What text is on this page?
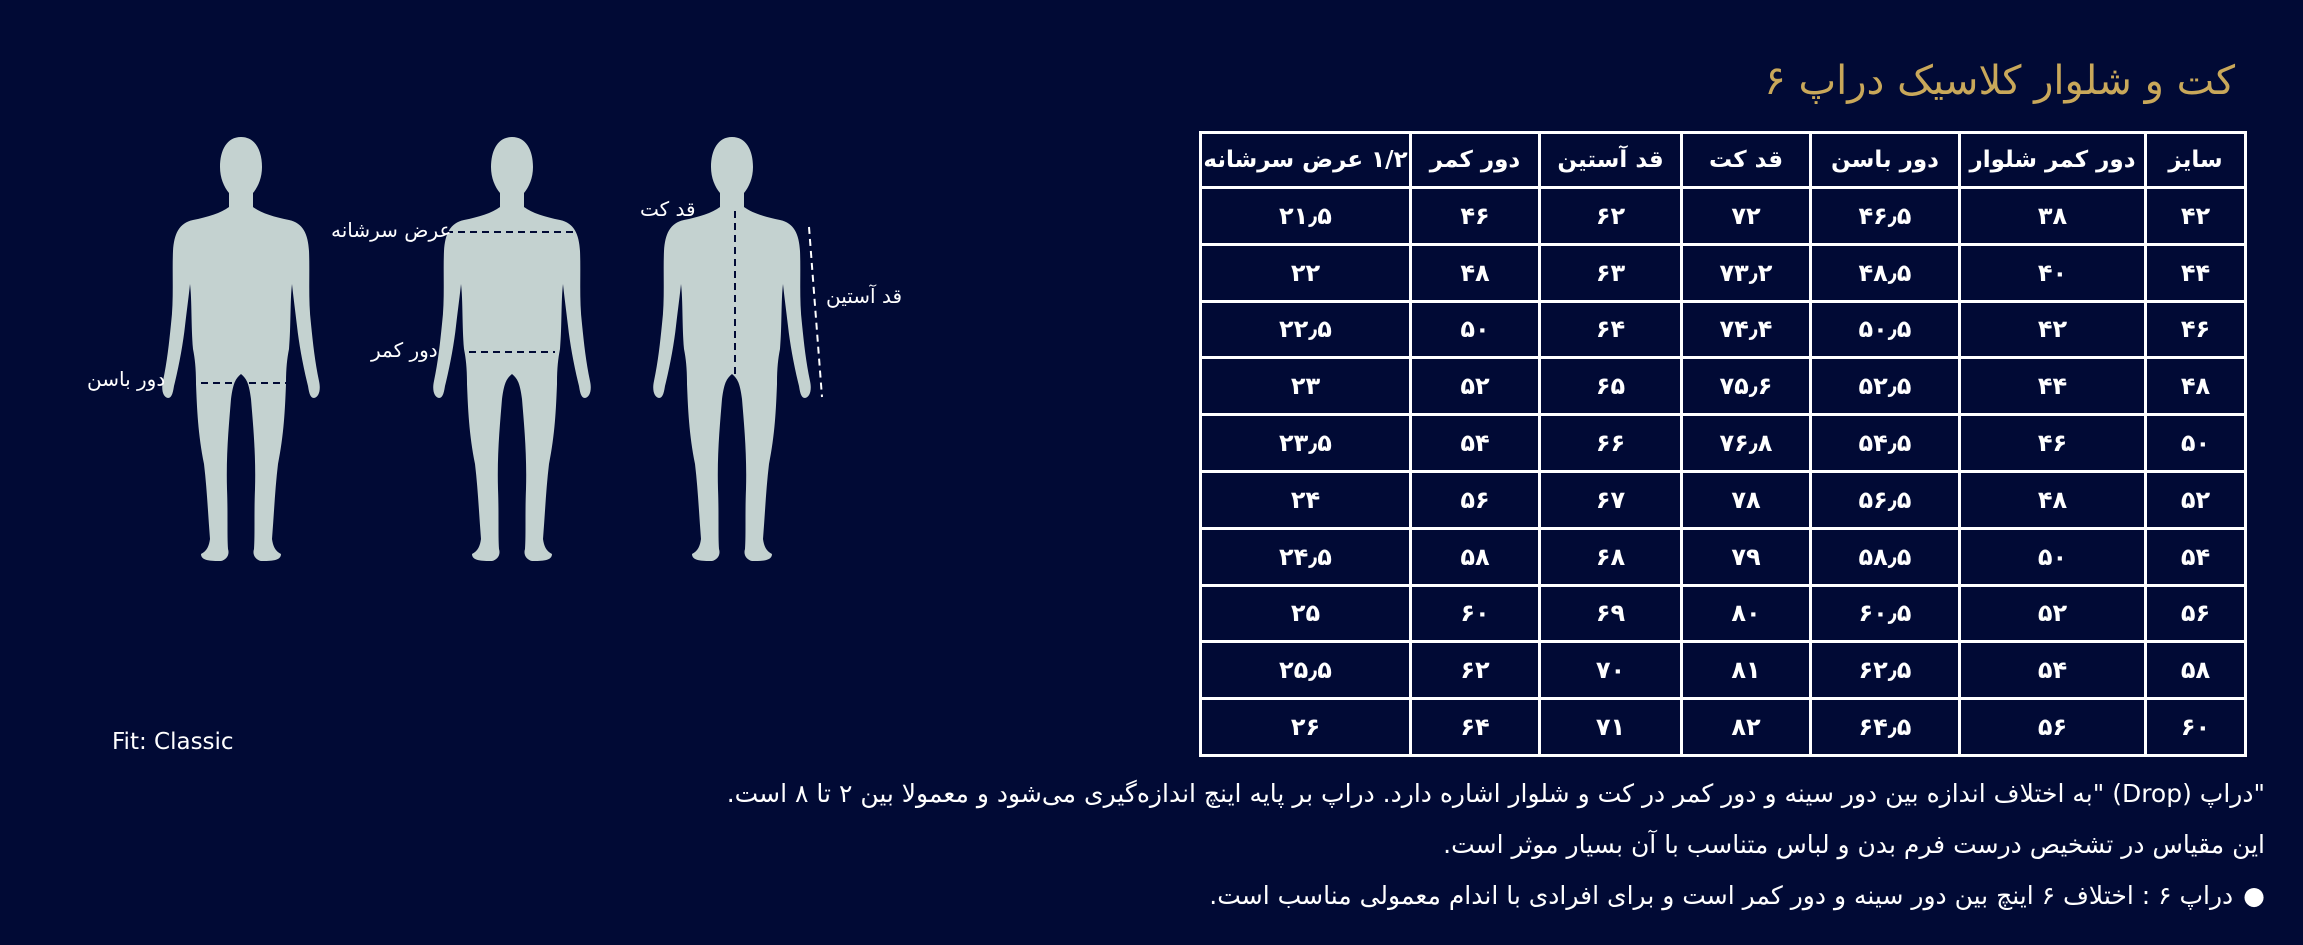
کت و شلوار کلاسیک دراپ ۶
سایز	دور کمر شلوار	دور باسن	قد کت	قد آستین	دور کمر	۱/۲ عرض سرشانه
۴۲	۳۸	۴۶٫۵	۷۲	۶۲	۴۶	۲۱٫۵
۴۴	۴۰	۴۸٫۵	۷۳٫۲	۶۳	۴۸	۲۲
۴۶	۴۲	۵۰٫۵	۷۴٫۴	۶۴	۵۰	۲۲٫۵
۴۸	۴۴	۵۲٫۵	۷۵٫۶	۶۵	۵۲	۲۳
۵۰	۴۶	۵۴٫۵	۷۶٫۸	۶۶	۵۴	۲۳٫۵
۵۲	۴۸	۵۶٫۵	۷۸	۶۷	۵۶	۲۴
۵۴	۵۰	۵۸٫۵	۷۹	۶۸	۵۸	۲۴٫۵
۵۶	۵۲	۶۰٫۵	۸۰	۶۹	۶۰	۲۵
۵۸	۵۴	۶۲٫۵	۸۱	۷۰	۶۲	۲۵٫۵
۶۰	۵۶	۶۴٫۵	۸۲	۷۱	۶۴	۲۶
دور باسن
عرض سرشانه
دور کمر
قد کت
قد آستین
Fit: Classic

"دراپ (Drop) "به اختلاف اندازه بین دور سینه و دور کمر در کت و شلوار اشاره دارد. دراپ بر پایه اینچ اندازه‌گیری می‌شود و معمولا بین ۲ تا ۸ است.

این مقیاس در تشخیص درست فرم بدن و لباس متناسب با آن بسیار موثر است.

●دراپ ۶ : اختلاف ۶ اینچ بین دور سینه و دور کمر است و برای افرادی با اندام معمولی مناسب است.
